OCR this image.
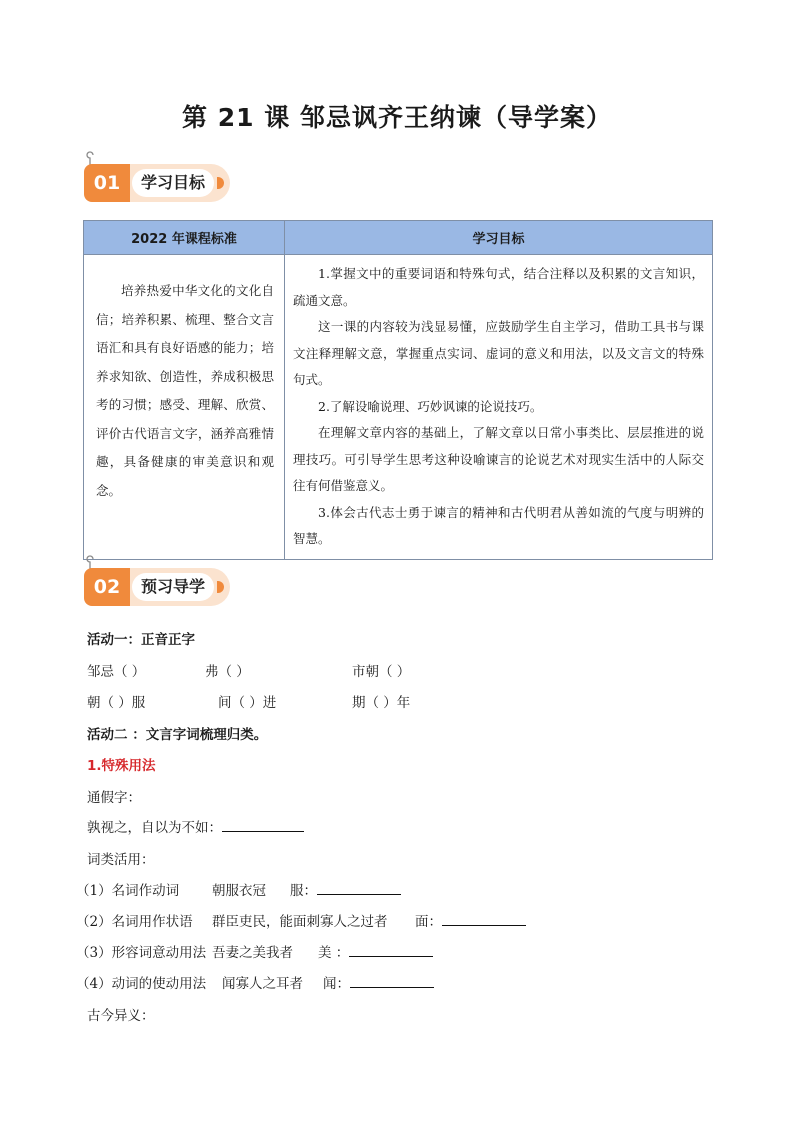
第 21 课 邹忌讽齐王纳谏（导学案）
01	学习目标
2022 年课程标准	学习目标
培养热爱中华文化的文化自信；培养积累、梳理、整合文言语汇和具有良好语感的能力；培养求知欲、创造性，养成积极思考的习惯；感受、理解、欣赏、评价古代语言文字，涵养高雅情趣，具备健康的审美意识和观念。	1.掌握文中的重要词语和特殊句式，结合注释以及积累的文言知识，疏通文意。

这一课的内容较为浅显易懂，应鼓励学生自主学习，借助工具书与课文注释理解文意，掌握重点实词、虚词的意义和用法，以及文言文的特殊句式。

2.了解设喻说理、巧妙讽谏的论说技巧。

在理解文章内容的基础上，了解文章以日常小事类比、层层推进的说理技巧。可引导学生思考这种设喻谏言的论说艺术对现实生活中的人际交往有何借鉴意义。

3.体会古代志士勇于谏言的精神和古代明君从善如流的气度与明辨的智慧。

02	预习导学
活动一：正音正字
邹忌（ ）	弗（ ）	市朝（ ）
朝（ ）服	间（ ）进	期（ ）年
活动二 ：文言字词梳理归类。
1.特殊用法
通假字：
孰视之，自以为不如：
词类活用：
（1）名词作动词 朝服衣冠 服：
（2）名词用作状语 群臣吏民，能面刺寡人之过者 面：
（3）形容词意动用法 吾妻之美我者 美 ：
（4）动词的使动用法 闻寡人之耳者 闻：
古今异义：
